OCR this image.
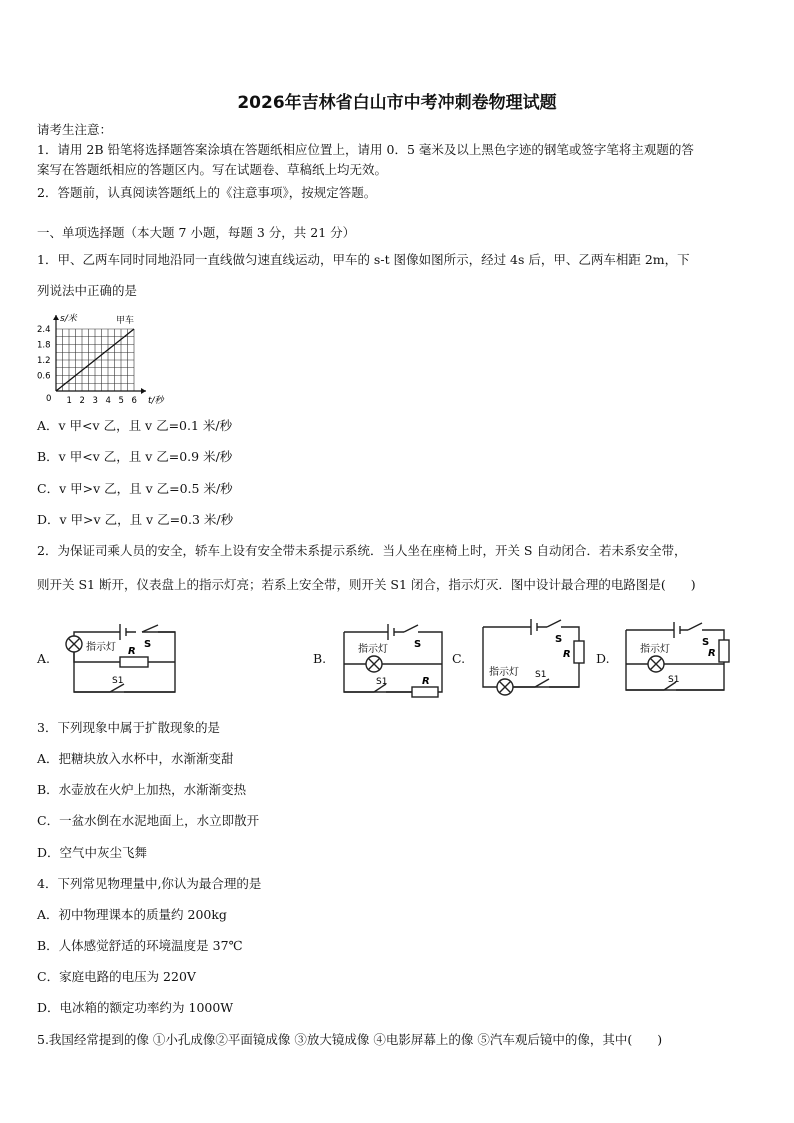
2026年吉林省白山市中考冲刺卷物理试题
请考生注意：
1．请用 2B 铅笔将选择题答案涂填在答题纸相应位置上，请用 0．5 毫米及以上黑色字迹的钢笔或签字笔将主观题的答
案写在答题纸相应的答题区内。写在试题卷、草稿纸上均无效。
2．答题前，认真阅读答题纸上的《注意事项》，按规定答题。
一、单项选择题（本大题 7 小题，每题 3 分，共 21 分）
1．甲、乙两车同时同地沿同一直线做匀速直线运动，甲车的 s-t 图像如图所示，经过 4s 后，甲、乙两车相距 2m，下
列说法中正确的是
1 2 3 4 5 6
0.6
1.2
1.8
2.4
0	t/秒
s/米	甲车
A．v 甲<v 乙，且 v 乙=0.1 米/秒
B．v 甲<v 乙，且 v 乙=0.9 米/秒
C．v 甲>v 乙，且 v 乙=0.5 米/秒
D．v 甲>v 乙，且 v 乙=0.3 米/秒
2．为保证司乘人员的安全，轿车上设有安全带未系提示系统．当人坐在座椅上时，开关 S 自动闭合．若未系安全带，
则开关 S1 断开，仪表盘上的指示灯亮；若系上安全带，则开关 S1 闭合，指示灯灭．图中设计最合理的电路图是(　　)
A.
指示灯	S
R
S1
B.
指示灯	S
S1	R
C.
S
R
指示灯 S1
D.
指示灯
S
R
S1
3．下列现象中属于扩散现象的是
A．把糖块放入水杯中，水渐渐变甜
B．水壶放在火炉上加热，水渐渐变热
C．一盆水倒在水泥地面上，水立即散开
D．空气中灰尘飞舞
4．下列常见物理量中,你认为最合理的是
A．初中物理课本的质量约 200kg
B．人体感觉舒适的环境温度是 37℃
C．家庭电路的电压为 220V
D．电冰箱的额定功率约为 1000W
5.我国经常提到的像 ①小孔成像②平面镜成像 ③放大镜成像 ④电影屏幕上的像 ⑤汽车观后镜中的像，其中(　　)
